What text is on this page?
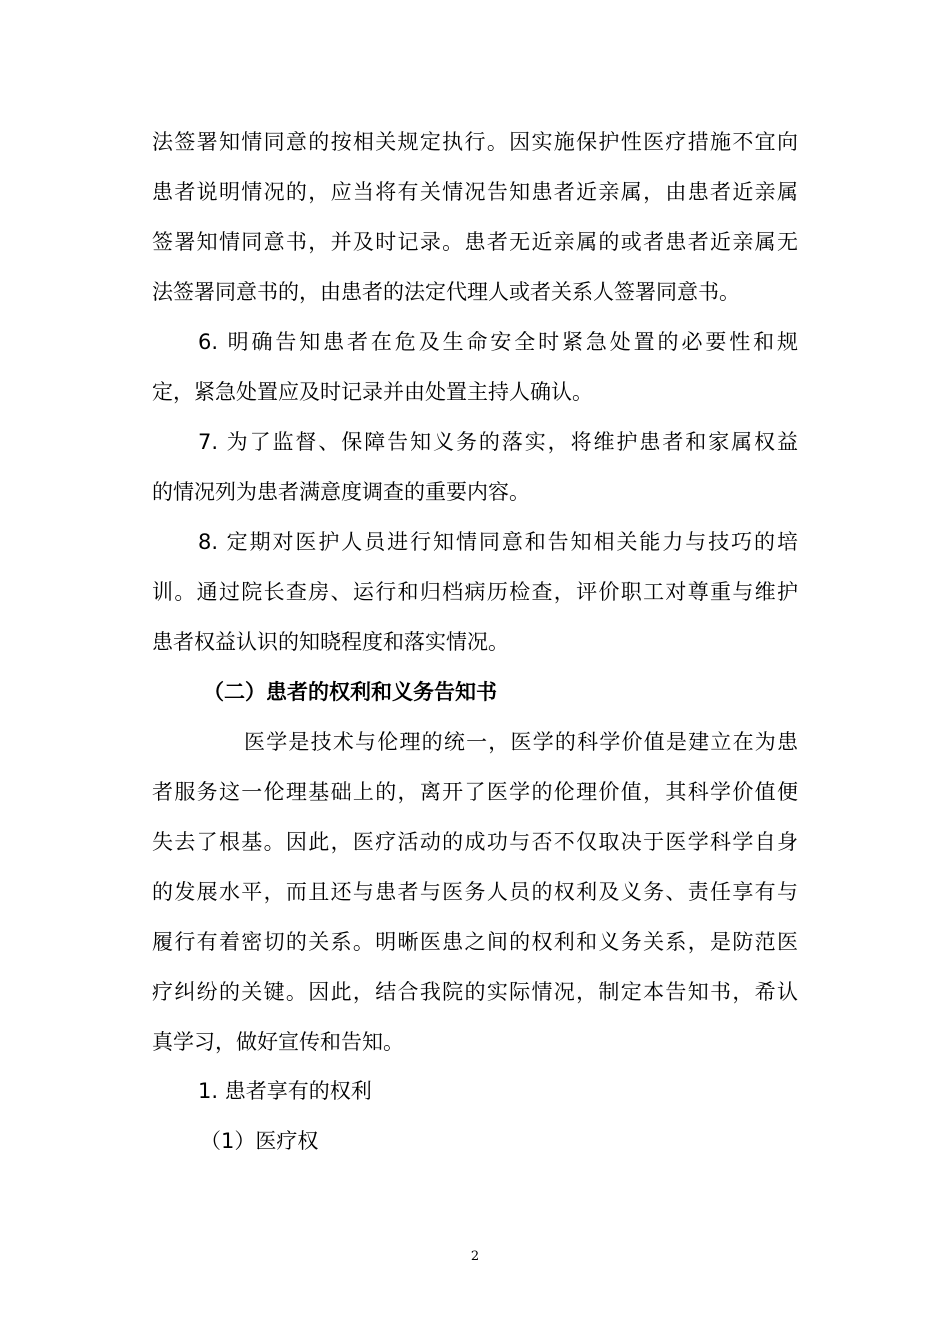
法签署知情同意的按相关规定执行。因实施保护性医疗措施不宜向
患者说明情况的，应当将有关情况告知患者近亲属，由患者近亲属
签署知情同意书，并及时记录。患者无近亲属的或者患者近亲属无
法签署同意书的，由患者的法定代理人或者关系人签署同意书。
6. 明确告知患者在危及生命安全时紧急处置的必要性和规
定，紧急处置应及时记录并由处置主持人确认。
7. 为了监督、保障告知义务的落实，将维护患者和家属权益
的情况列为患者满意度调查的重要内容。
8. 定期对医护人员进行知情同意和告知相关能力与技巧的培
训。通过院长查房、运行和归档病历检查，评价职工对尊重与维护
患者权益认识的知晓程度和落实情况。
（二）患者的权利和义务告知书
医学是技术与伦理的统一，医学的科学价值是建立在为患
者服务这一伦理基础上的，离开了医学的伦理价值，其科学价值便
失去了根基。因此，医疗活动的成功与否不仅取决于医学科学自身
的发展水平，而且还与患者与医务人员的权利及义务、责任享有与
履行有着密切的关系。明晰医患之间的权利和义务关系，是防范医
疗纠纷的关键。因此，结合我院的实际情况，制定本告知书，希认
真学习，做好宣传和告知。
1. 患者享有的权利
（1）医疗权
2
